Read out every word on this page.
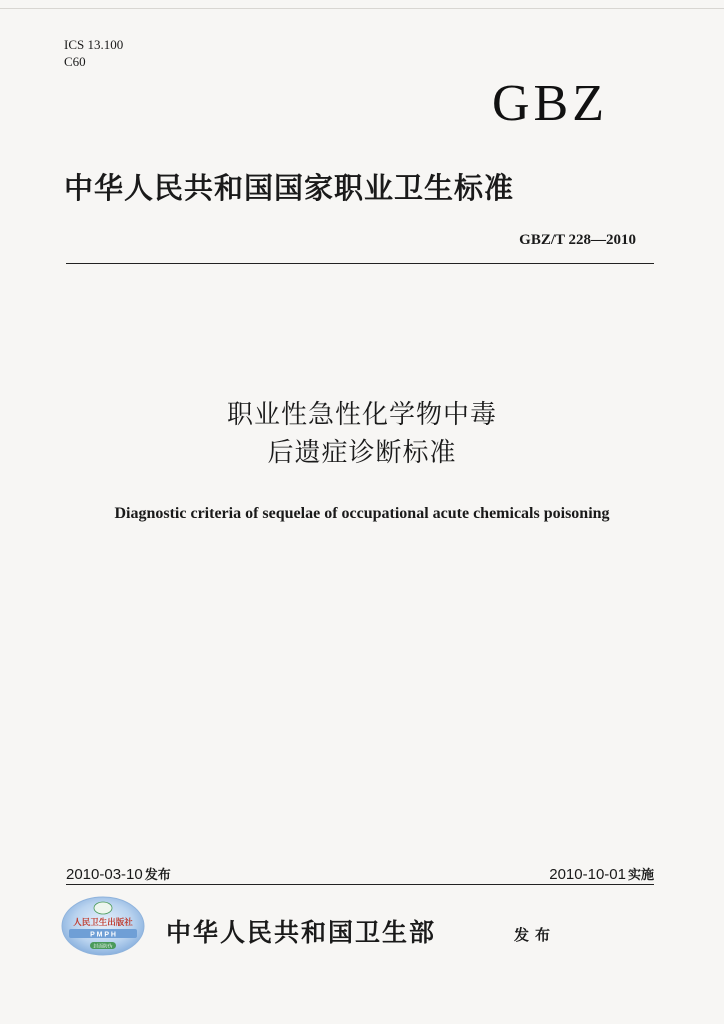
ICS 13.100
C60
GBZ
中华人民共和国国家职业卫生标准
GBZ/T 228—2010
职业性急性化学物中毒
后遗症诊断标准
Diagnostic criteria of sequelae of occupational acute chemicals poisoning
2010-03-10 发布	2010-10-01 实施
人民卫生出版社
P M P H
封面防伪
中华人民共和国卫生部	发布
